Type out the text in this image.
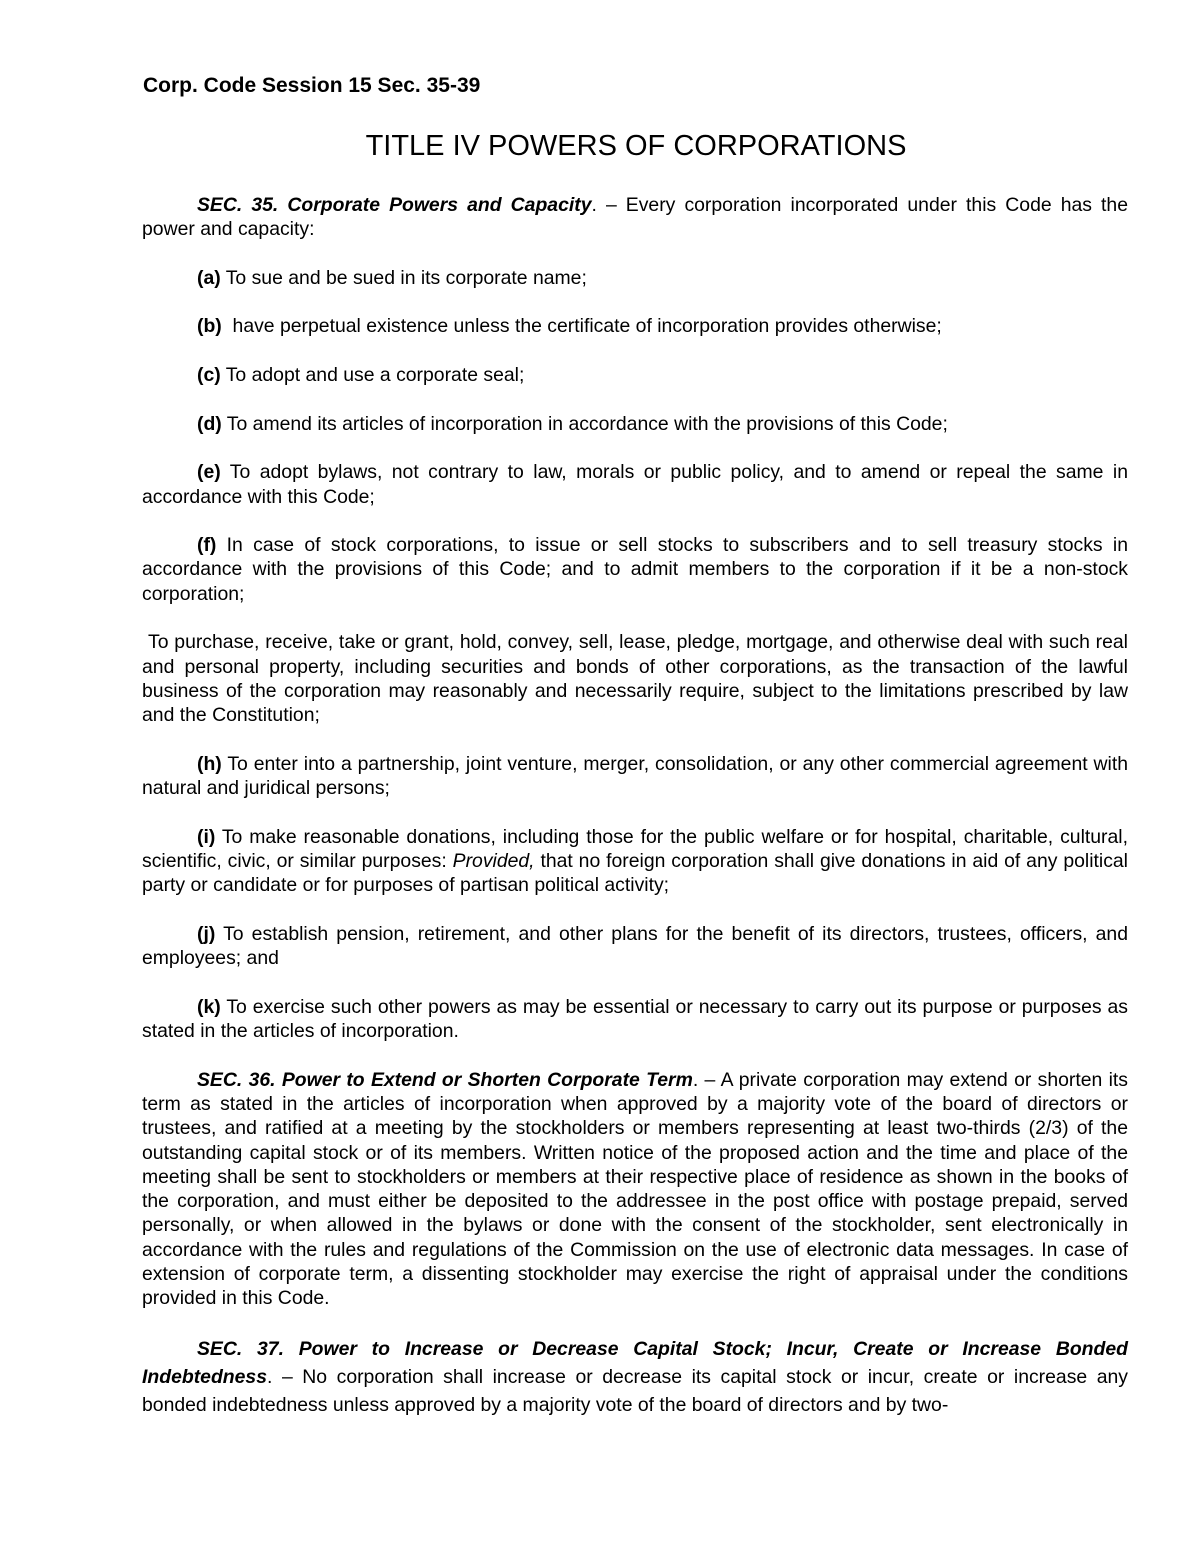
Corp. Code Session 15 Sec. 35-39

TITLE IV POWERS OF CORPORATIONS

SEC. 35. Corporate Powers and Capacity. – Every corporation incorporated under this Code has the power and capacity:

(a) To sue and be sued in its corporate name;

(b)  have perpetual existence unless the certificate of incorporation provides otherwise;

(c) To adopt and use a corporate seal;

(d) To amend its articles of incorporation in accordance with the provisions of this Code;

(e) To adopt bylaws, not contrary to law, morals or public policy, and to amend or repeal the same in accordance with this Code;

(f) In case of stock corporations, to issue or sell stocks to subscribers and to sell treasury stocks in accordance with the provisions of this Code; and to admit members to the corporation if it be a non-stock corporation;

To purchase, receive, take or grant, hold, convey, sell, lease, pledge, mortgage, and otherwise deal with such real and personal property, including securities and bonds of other corporations, as the transaction of the lawful business of the corporation may reasonably and necessarily require, subject to the limitations prescribed by law and the Constitution;

(h) To enter into a partnership, joint venture, merger, consolidation, or any other commercial agreement with natural and juridical persons;

(i) To make reasonable donations, including those for the public welfare or for hospital, charitable, cultural, scientific, civic, or similar purposes: Provided, that no foreign corporation shall give donations in aid of any political party or candidate or for purposes of partisan political activity;

(j) To establish pension, retirement, and other plans for the benefit of its directors, trustees, officers, and employees; and

(k) To exercise such other powers as may be essential or necessary to carry out its purpose or purposes as stated in the articles of incorporation.

SEC. 36. Power to Extend or Shorten Corporate Term. – A private corporation may extend or shorten its term as stated in the articles of incorporation when approved by a majority vote of the board of directors or trustees, and ratified at a meeting by the stockholders or members representing at least two-thirds (2/3) of the outstanding capital stock or of its members. Written notice of the proposed action and the time and place of the meeting shall be sent to stockholders or members at their respective place of residence as shown in the books of the corporation, and must either be deposited to the addressee in the post office with postage prepaid, served personally, or when allowed in the bylaws or done with the consent of the stockholder, sent electronically in accordance with the rules and regulations of the Commission on the use of electronic data messages. In case of extension of corporate term, a dissenting stockholder may exercise the right of appraisal under the conditions provided in this Code.

SEC. 37. Power to Increase or Decrease Capital Stock; Incur, Create or Increase Bonded Indebtedness. – No corporation shall increase or decrease its capital stock or incur, create or increase any bonded indebtedness unless approved by a majority vote of the board of directors and by two-
